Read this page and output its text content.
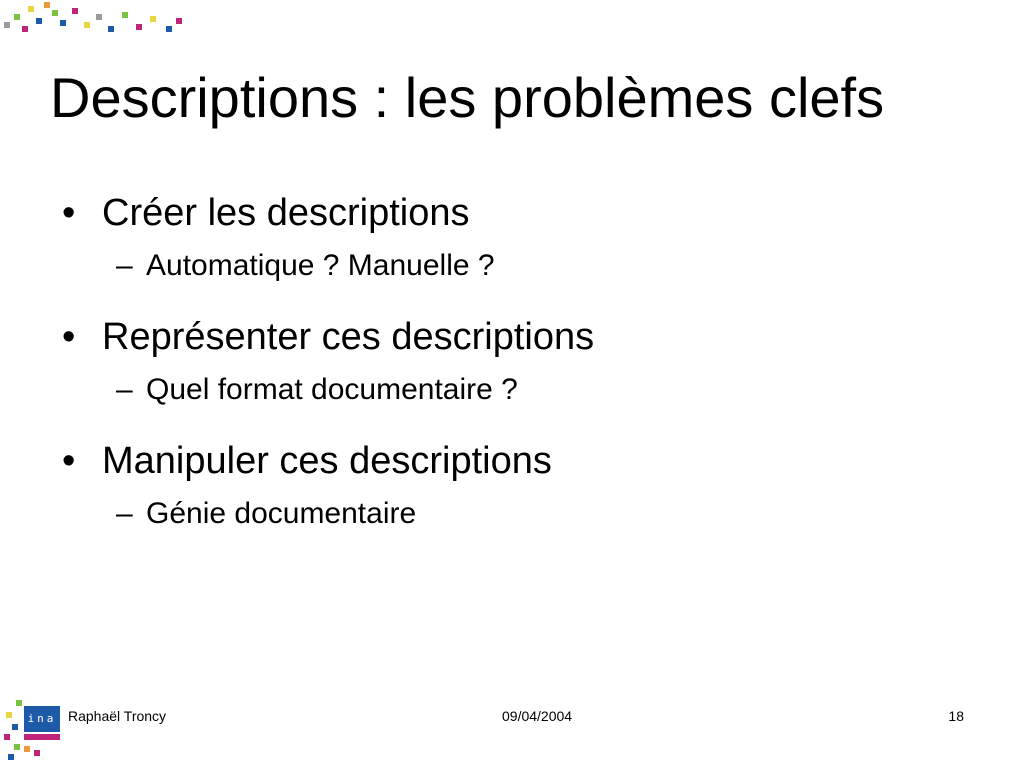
Descriptions : les problèmes clefs
• Créer les descriptions
– Automatique ? Manuelle ?
• Représenter ces descriptions
– Quel format documentaire ?
• Manipuler ces descriptions
– Génie documentaire
ina Raphaël Troncy	09/04/2004	18
